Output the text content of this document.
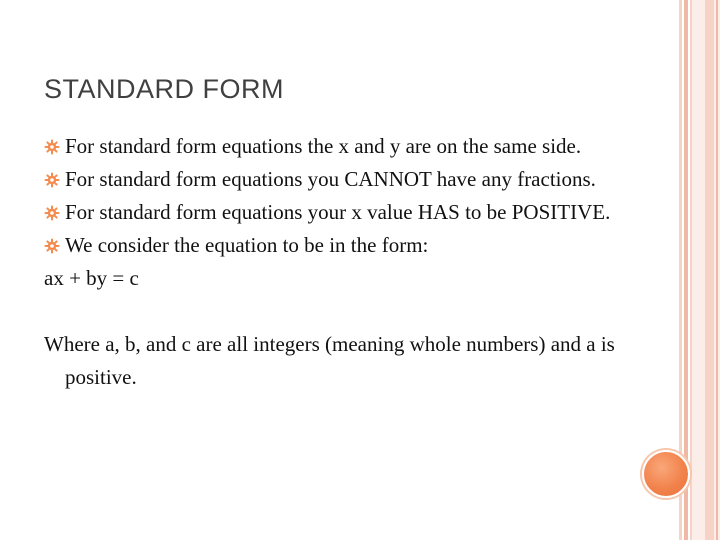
STANDARD FORM
For standard form equations the x and y are on the same side.
For standard form equations you CANNOT have any fractions.
For standard form equations your x value HAS to be POSITIVE.
We consider the equation to be in the form:
ax + by = c
Where a, b, and c are all integers (meaning whole numbers) and a is positive.
